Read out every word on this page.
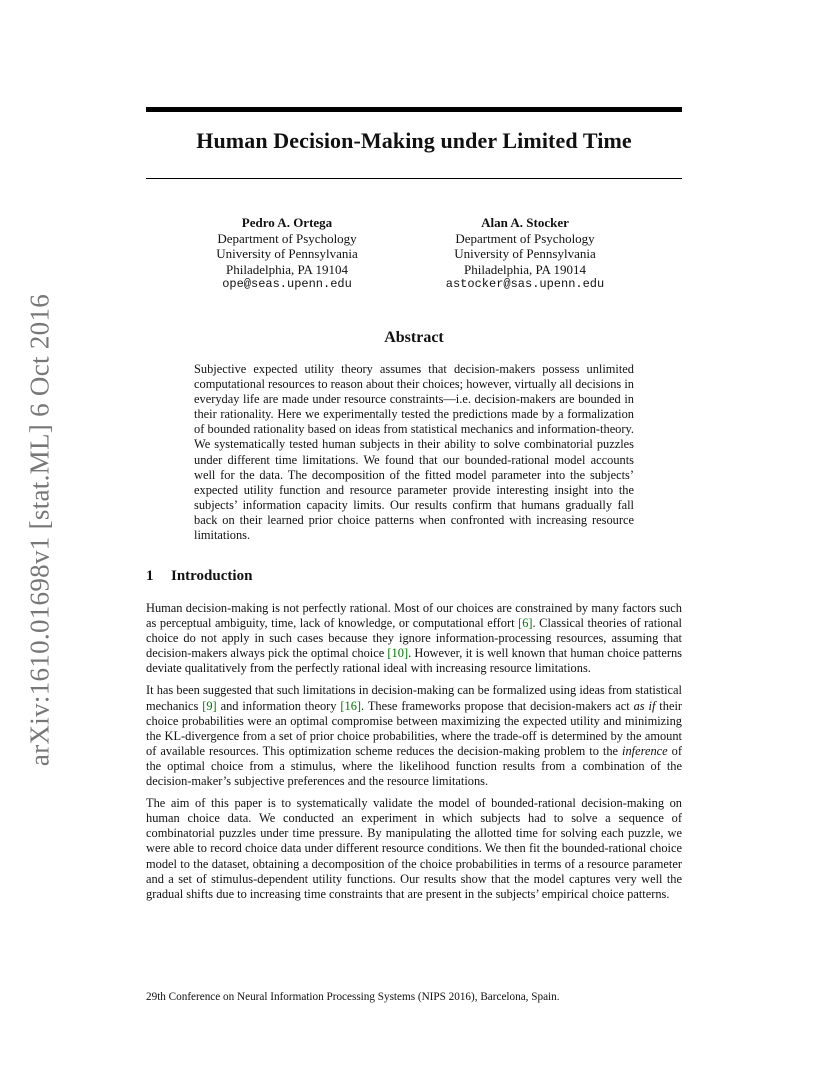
arXiv:1610.01698v1 [stat.ML] 6 Oct 2016
Human Decision-Making under Limited Time
Pedro A. Ortega
Department of Psychology
University of Pennsylvania
Philadelphia, PA 19104
ope@seas.upenn.edu
Alan A. Stocker
Department of Psychology
University of Pennsylvania
Philadelphia, PA 19014
astocker@sas.upenn.edu
Abstract
Subjective expected utility theory assumes that decision-makers possess unlimited computational resources to reason about their choices; however, virtually all decisions in everyday life are made under resource constraints—i.e. decision-makers are bounded in their rationality. Here we experimentally tested the predictions made by a formalization of bounded rationality based on ideas from statistical mechanics and information-theory. We systematically tested human subjects in their ability to solve combinatorial puzzles under different time limitations. We found that our bounded-rational model accounts well for the data. The decomposition of the fitted model parameter into the subjects’ expected utility function and resource parameter provide interesting insight into the subjects’ information capacity limits. Our results confirm that humans gradually fall back on their learned prior choice patterns when confronted with increasing resource limitations.
1 Introduction

Human decision-making is not perfectly rational. Most of our choices are constrained by many factors such as perceptual ambiguity, time, lack of knowledge, or computational effort [6]. Classical theories of rational choice do not apply in such cases because they ignore information-processing resources, assuming that decision-makers always pick the optimal choice [10]. However, it is well known that human choice patterns deviate qualitatively from the perfectly rational ideal with increasing resource limitations.

It has been suggested that such limitations in decision-making can be formalized using ideas from statistical mechanics [9] and information theory [16]. These frameworks propose that decision-makers act as if their choice probabilities were an optimal compromise between maximizing the expected utility and minimizing the KL-divergence from a set of prior choice probabilities, where the trade-off is determined by the amount of available resources. This optimization scheme reduces the decision-making problem to the inference of the optimal choice from a stimulus, where the likelihood function results from a combination of the decision-maker’s subjective preferences and the resource limitations.

The aim of this paper is to systematically validate the model of bounded-rational decision-making on human choice data. We conducted an experiment in which subjects had to solve a sequence of combinatorial puzzles under time pressure. By manipulating the allotted time for solving each puzzle, we were able to record choice data under different resource conditions. We then fit the bounded-rational choice model to the dataset, obtaining a decomposition of the choice probabilities in terms of a resource parameter and a set of stimulus-dependent utility functions. Our results show that the model captures very well the gradual shifts due to increasing time constraints that are present in the subjects’ empirical choice patterns.

29th Conference on Neural Information Processing Systems (NIPS 2016), Barcelona, Spain.
